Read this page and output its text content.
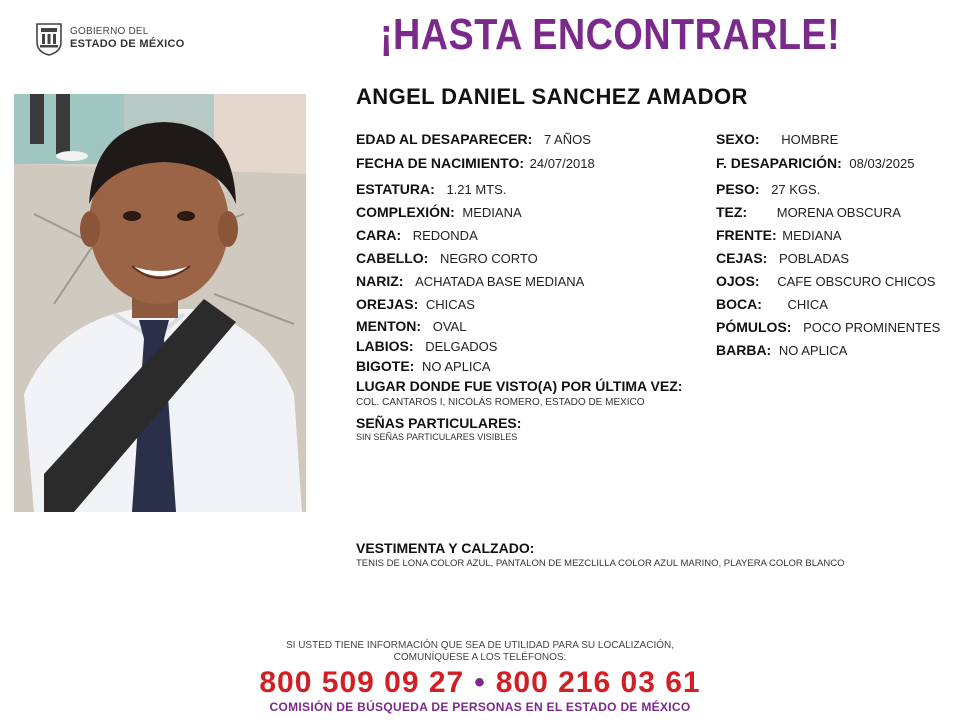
GOBIERNO DEL
ESTADO DE MÉXICO	¡HASTA ENCONTRARLE!
ANGEL DANIEL SANCHEZ AMADOR
EDAD AL DESAPARECER: 7 AÑOS
FECHA DE NACIMIENTO: 24/07/2018
ESTATURA: 1.21 MTS.
COMPLEXIÓN: MEDIANA
CARA: REDONDA
CABELLO: NEGRO CORTO
NARIZ: ACHATADA BASE MEDIANA
OREJAS: CHICAS
MENTON: OVAL
LABIOS: DELGADOS
BIGOTE: NO APLICA
SEXO: HOMBRE
F. DESAPARICIÓN: 08/03/2025
PESO: 27 KGS.
TEZ: MORENA OBSCURA
FRENTE: MEDIANA
CEJAS: POBLADAS
OJOS: CAFE OBSCURO CHICOS
BOCA: CHICA
PÓMULOS: POCO PROMINENTES
BARBA: NO APLICA
LUGAR DONDE FUE VISTO(A) POR ÚLTIMA VEZ:
COL. CANTAROS I, NICOLÁS ROMERO, ESTADO DE MEXICO
SEÑAS PARTICULARES:
SIN SEÑAS PARTICULARES VISIBLES
VESTIMENTA Y CALZADO:
TENIS DE LONA COLOR AZUL, PANTALON DE MEZCLILLA COLOR AZUL MARINO, PLAYERA COLOR BLANCO
SI USTED TIENE INFORMACIÓN QUE SEA DE UTILIDAD PARA SU LOCALIZACIÓN,
COMUNÍQUESE A LOS TELÉFONOS:
800 509 09 27 • 800 216 03 61
COMISIÓN DE BÚSQUEDA DE PERSONAS EN EL ESTADO DE MÉXICO
